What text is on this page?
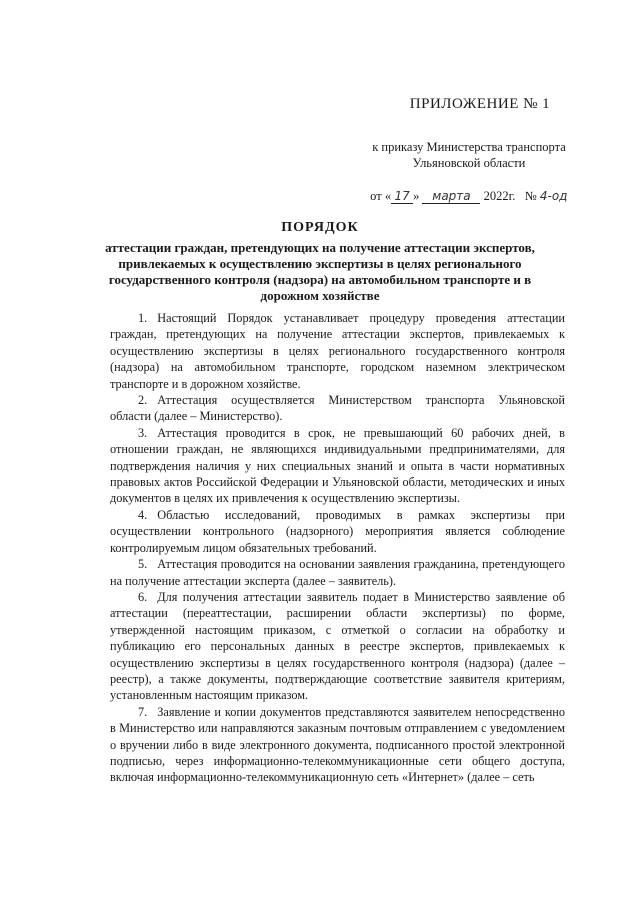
ПРИЛОЖЕНИЕ № 1
к приказу Министерства транспорта
Ульяновской области
от « 17 » марта 2022г. № 4-од
ПОРЯДОК
аттестации граждан, претендующих на получение аттестации экспертов, привлекаемых к осуществлению экспертизы в целях регионального государственного контроля (надзора) на автомобильном транспорте и в дорожном хозяйстве

1. Настоящий Порядок устанавливает процедуру проведения аттестации граждан, претендующих на получение аттестации экспертов, привлекаемых к осуществлению экспертизы в целях регионального государственного контроля (надзора) на автомобильном транспорте, городском наземном электрическом транспорте и в дорожном хозяйстве.

2. Аттестация осуществляется Министерством транспорта Ульяновской области (далее – Министерство).

3. Аттестация проводится в срок, не превышающий 60 рабочих дней, в отношении граждан, не являющихся индивидуальными предпринимателями, для подтверждения наличия у них специальных знаний и опыта в части нормативных правовых актов Российской Федерации и Ульяновской области, методических и иных документов в целях их привлечения к осуществлению экспертизы.

4. Областью исследований, проводимых в рамках экспертизы при осуществлении контрольного (надзорного) мероприятия является соблюдение контролируемым лицом обязательных требований.

5. Аттестация проводится на основании заявления гражданина, претендующего на получение аттестации эксперта (далее – заявитель).

6. Для получения аттестации заявитель подает в Министерство заявление об аттестации (переаттестации, расширении области экспертизы) по форме, утвержденной настоящим приказом, с отметкой о согласии на обработку и публикацию его персональных данных в реестре экспертов, привлекаемых к осуществлению экспертизы в целях государственного контроля (надзора) (далее – реестр), а также документы, подтверждающие соответствие заявителя критериям, установленным настоящим приказом.

7. Заявление и копии документов представляются заявителем непосредственно в Министерство или направляются заказным почтовым отправлением с уведомлением о вручении либо в виде электронного документа, подписанного простой электронной подписью, через информационно-телекоммуникационные сети общего доступа, включая информационно-телекоммуникационную сеть «Интернет» (далее – сеть
